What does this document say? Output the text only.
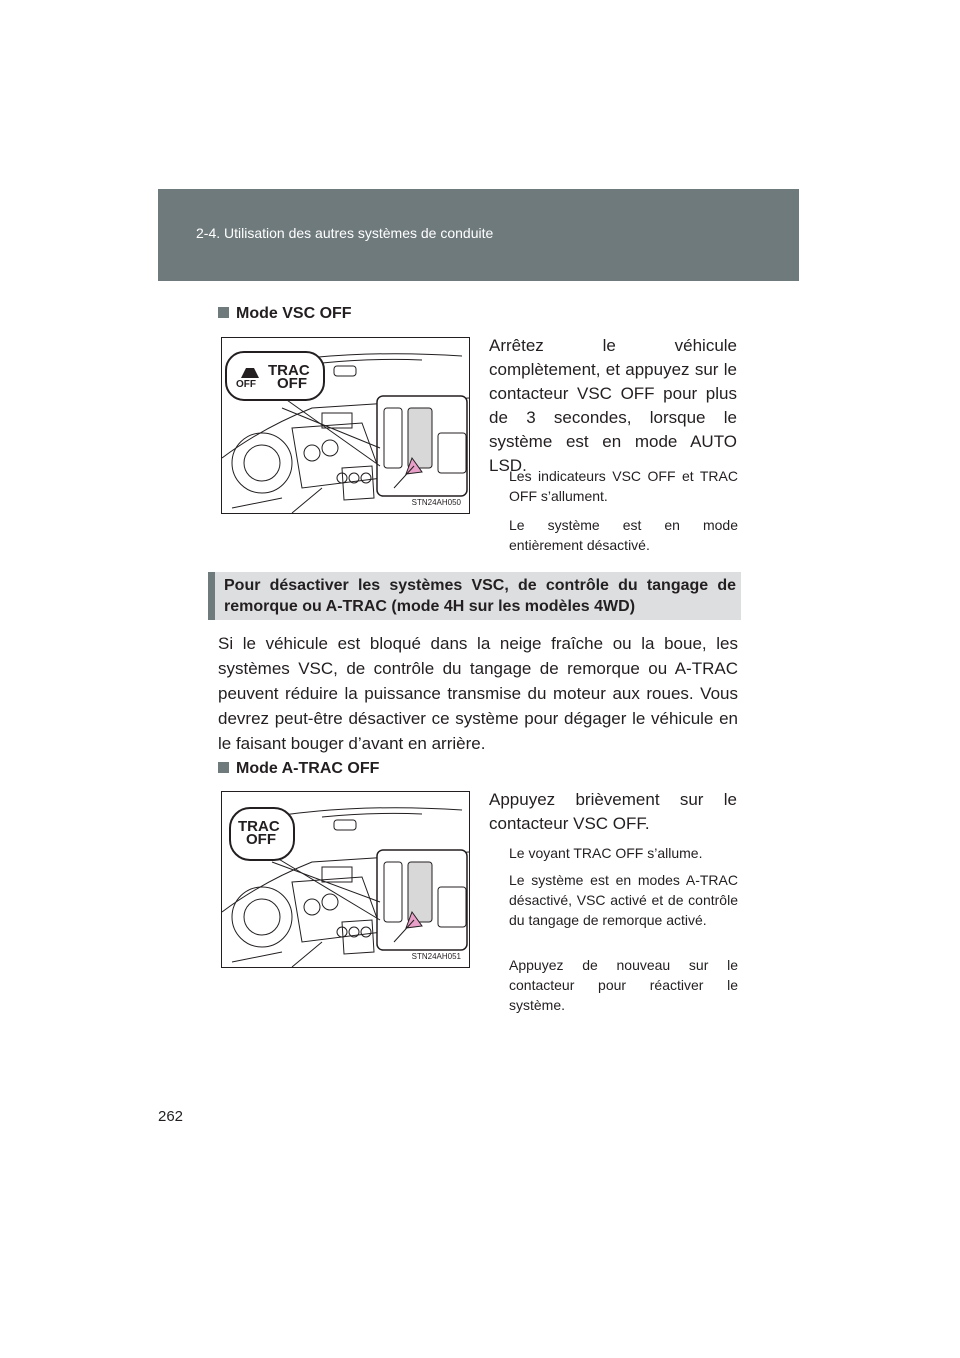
2-4. Utilisation des autres systèmes de conduite
Mode VSC OFF
OFF
TRAC
OFF
STN24AH050
Arrêtez le véhicule complètement, et appuyez sur le contacteur VSC OFF pour plus de 3 secondes, lorsque le système est en mode AUTO LSD.
Les indicateurs VSC OFF et TRAC OFF s’allument.
Le système est en mode entièrement désactivé.
Pour désactiver les systèmes VSC, de contrôle du tangage de remorque ou A-TRAC (mode 4H sur les modèles 4WD)
Si le véhicule est bloqué dans la neige fraîche ou la boue, les systèmes VSC, de contrôle du tangage de remorque ou A-TRAC peuvent réduire la puissance transmise du moteur aux roues. Vous devrez peut-être désactiver ce système pour dégager le véhicule en le faisant bouger d’avant en arrière.
Mode A-TRAC OFF
TRAC
OFF
STN24AH051
Appuyez brièvement sur le contacteur VSC OFF.
Le voyant TRAC OFF s’allume.
Le système est en modes A-TRAC désactivé, VSC activé et de contrôle du tangage de remorque activé.
Appuyez de nouveau sur le contacteur pour réactiver le système.
262
